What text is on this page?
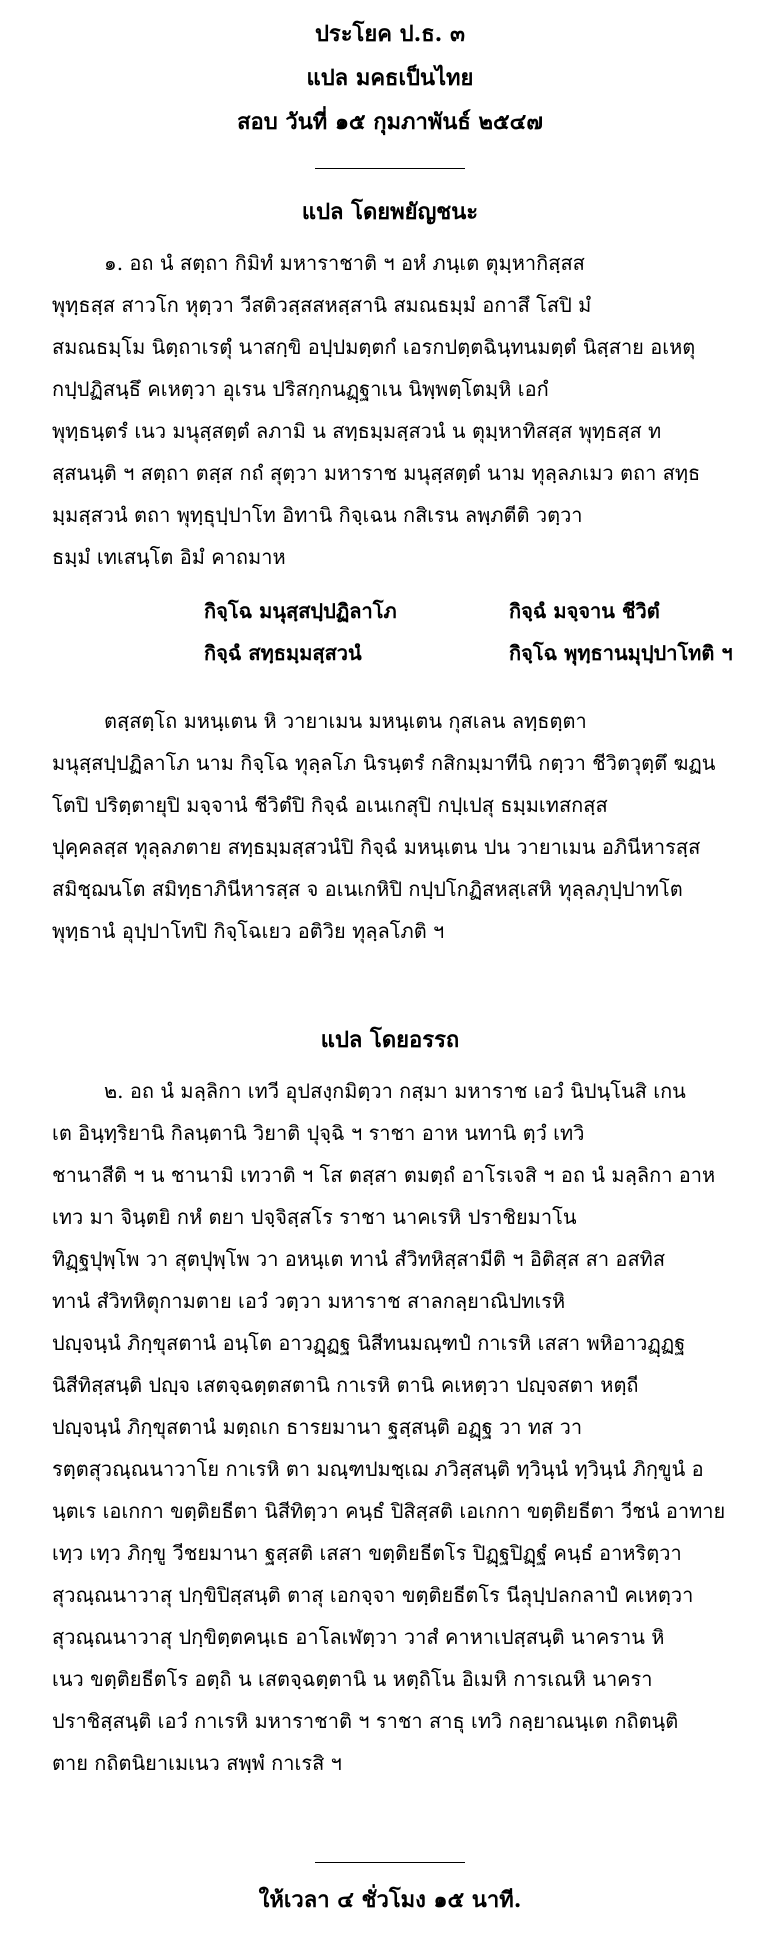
ประโยค ป.ธ. ๓
แปล มคธเป็นไทย
สอบ วันที่ ๑๕ กุมภาพันธ์ ๒๕๔๗
แปล โดยพยัญชนะ
๑. อถ นํ สตฺถา กิมิทํ มหาราชาติ ฯ อหํ ภนฺเต ตุมฺหากิสฺสส
พุทฺธสฺส สาวโก หุตฺวา วีสติวสฺสสหสฺสานิ สมณธมฺมํ อกาสึ โสปิ มํ
สมณธมฺโม นิตฺถาเรตุํ นาสกฺขิ อปฺปมตฺตกํ เอรกปตฺตฉินฺทนมตฺตํ นิสฺสาย อเหตุ
กปฺปฏิสนฺธึ คเหตฺวา อุเรน ปริสกฺกนฏฺฐาเน นิพฺพตฺโตมฺหิ เอกํ
พุทฺธนฺตรํ เนว มนุสฺสตฺตํ ลภามิ น สทฺธมฺมสฺสวนํ น ตุมฺหาทิสสฺส พุทฺธสฺส ท
สฺสนนฺติ ฯ สตฺถา ตสฺส กถํ สุตฺวา มหาราช มนุสฺสตฺตํ นาม ทุลฺลภเมว ตถา สทฺธ
มฺมสฺสวนํ ตถา พุทฺธุปฺปาโท อิทานิ กิจฺเฉน กสิเรน ลพฺภตีติ วตฺวา
ธมฺมํ เทเสนฺโต อิมํ คาถมาห
กิจฺโฉ มนุสฺสปฺปฏิลาโภ	กิจฺฉํ มจฺจาน ชีวิตํ
กิจฺฉํ สทฺธมฺมสฺสวนํ	กิจฺโฉ พุทฺธานมุปฺปาโทติ ฯ
ตสฺสตฺโถ มหนฺเตน หิ วายาเมน มหนฺเตน กุสเลน ลทฺธตฺตา
มนุสฺสปฺปฏิลาโภ นาม กิจฺโฉ ทุลฺลโภ นิรนฺตรํ กสิกมฺมาทีนิ กตฺวา ชีวิตวุตฺตึ ฆฏน
โตปิ ปริตฺตายุปิ มจฺจานํ ชีวิตํปิ กิจฺฉํ อเนเกสุปิ กปฺเปสุ ธมฺมเทสกสฺส
ปุคฺคลสฺส ทุลฺลภตาย สทฺธมฺมสฺสวนํปิ กิจฺฉํ มหนฺเตน ปน วายาเมน อภินีหารสฺส
สมิชฺฌนโต สมิทฺธาภินีหารสฺส จ อเนเกหิปิ กปฺปโกฏิสหสฺเสหิ ทุลฺลภุปฺปาทโต
พุทฺธานํ อุปฺปาโทปิ กิจฺโฉเยว อติวิย ทุลฺลโภติ ฯ
แปล โดยอรรถ
๒. อถ นํ มลฺลิกา เทวี อุปสงฺกมิตฺวา กสฺมา มหาราช เอวํ นิปนฺโนสิ เกน
เต อินฺทฺริยานิ กิลนฺตานิ วิยาติ ปุจฺฉิ ฯ ราชา อาห นทานิ ตฺวํ เทวิ
ชานาสีติ ฯ น ชานามิ เทวาติ ฯ โส ตสฺสา ตมตฺถํ อาโรเจสิ ฯ อถ นํ มลฺลิกา อาห
เทว มา จินฺตยิ กหํ ตยา ปจฺจิสฺสโร ราชา นาคเรหิ ปราชิยมาโน
ทิฏฺฐปุพฺโพ วา สุตปุพฺโพ วา อหนฺเต ทานํ สํวิทหิสฺสามีติ ฯ อิติสฺส สา อสทิส
ทานํ สํวิทหิตุกามตาย เอวํ วตฺวา มหาราช สาลกลฺยาณิปทเรหิ
ปญฺจนฺนํ ภิกฺขุสตานํ อนฺโต อาวฏฺฏฐ นิสีทนมณฺฑปํ กาเรหิ เสสา พหิอาวฏฺฏฐ
นิสีทิสฺสนฺติ ปญฺจ เสตจฺฉตฺตสตานิ กาเรหิ ตานิ คเหตฺวา ปญฺจสตา หตฺถี
ปญฺจนฺนํ ภิกฺขุสตานํ มตฺถเก ธารยมานา ฐสฺสนฺติ อฏฺฐ วา ทส วา
รตฺตสุวณฺณนาวาโย กาเรหิ ตา มณฺฑปมชฺเฌ ภวิสฺสนฺติ ทฺวินฺนํ ทฺวินฺนํ ภิกฺขูนํ อ
นฺตเร เอเกกา ขตฺติยธีตา นิสีทิตฺวา คนฺธํ ปิสิสฺสติ เอเกกา ขตฺติยธีตา วีชนํ อาทาย
เทฺว เทฺว ภิกฺขู วีชยมานา ฐสฺสติ เสสา ขตฺติยธีตโร ปิฏฺฐปิฏฺฐํ คนฺธํ อาหริตฺวา
สุวณฺณนาวาสุ ปกฺขิปิสฺสนฺติ ตาสุ เอกจฺจา ขตฺติยธีตโร นีลุปฺปลกลาปํ คเหตฺวา
สุวณฺณนาวาสุ ปกฺขิตฺตคนฺเธ อาโลเฬตฺวา วาสํ คาหาเปสฺสนฺติ นาคราน หิ
เนว ขตฺติยธีตโร อตฺถิ น เสตจฺฉตฺตานิ น หตฺถิโน อิเมหิ การเณหิ นาครา
ปราชิสฺสนฺติ เอวํ กาเรหิ มหาราชาติ ฯ ราชา สาธุ เทวิ กลฺยาณนฺเต กถิตนฺติ
ตาย กถิตนิยาเมเนว สพฺพํ กาเรสิ ฯ
ให้เวลา ๔ ชั่วโมง ๑๕ นาที.
